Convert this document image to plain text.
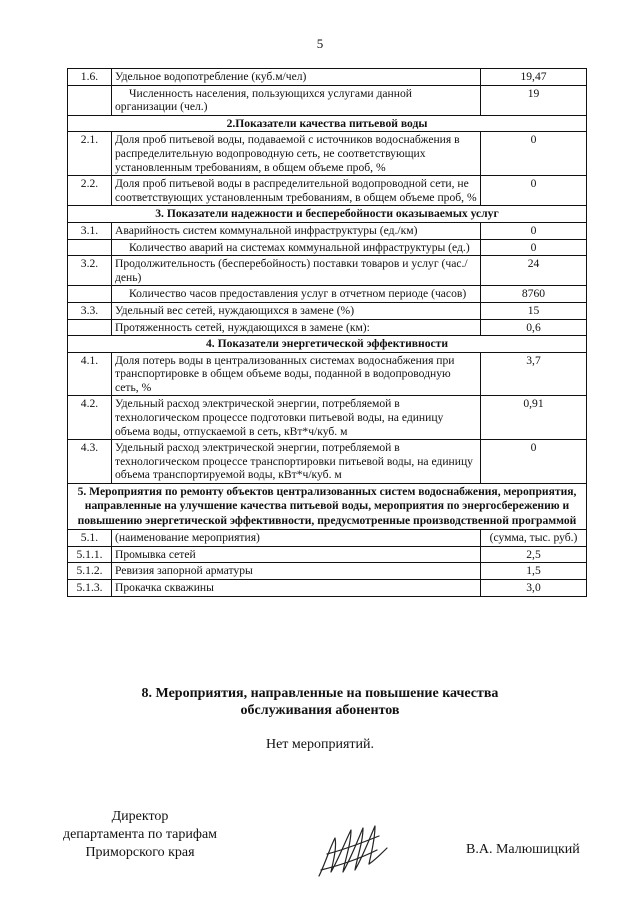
5
1.6.	Удельное водопотребление (куб.м/чел)	19,47
	Численность населения, пользующихся услугами данной организации (чел.)	19
2.Показатели качества питьевой воды		
2.1.	Доля проб питьевой воды, подаваемой с источников водоснабжения в распределительную водопроводную сеть, не соответствующих установленным требованиям, в общем объеме проб, %	0
2.2.	Доля проб питьевой воды в распределительной водопроводной сети, не соответствующих установленным требованиям, в общем объеме проб, %	0
3. Показатели надежности и бесперебойности оказываемых услуг		
3.1.	Аварийность систем коммунальной инфраструктуры (ед./км)	0
	Количество аварий на системах коммунальной инфраструктуры (ед.)	0
3.2.	Продолжительность (бесперебойность) поставки товаров и услуг (час./день)	24
	Количество часов предоставления услуг в отчетном периоде (часов)	8760
3.3.	Удельный вес сетей, нуждающихся в замене (%)	15
	Протяженность сетей, нуждающихся в замене (км):	0,6
4. Показатели энергетической эффективности		
4.1.	Доля потерь воды в централизованных системах водоснабжения при транспортировке в общем объеме воды, поданной в водопроводную сеть, %	3,7
4.2.	Удельный расход электрической энергии, потребляемой в технологическом процессе подготовки питьевой воды, на единицу объема воды, отпускаемой в сеть, кВт*ч/куб. м	0,91
4.3.	Удельный расход электрической энергии, потребляемой в технологическом процессе транспортировки питьевой воды, на единицу объема транспортируемой воды, кВт*ч/куб. м	0
5. Мероприятия по ремонту объектов централизованных систем водоснабжения, мероприятия, направленные на улучшение качества питьевой воды, мероприятия по энергосбережению и повышению энергетической эффективности, предусмотренные производственной программой		
5.1.	(наименование мероприятия)	(сумма, тыс. руб.)
5.1.1.	Промывка сетей	2,5
5.1.2.	Ревизия запорной арматуры	1,5
5.1.3.	Прокачка скважины	3,0
8. Мероприятия, направленные на повышение качества
обслуживания абонентов
Нет мероприятий.
Директор
департамента по тарифам
Приморского края	В.А. Малюшицкий
